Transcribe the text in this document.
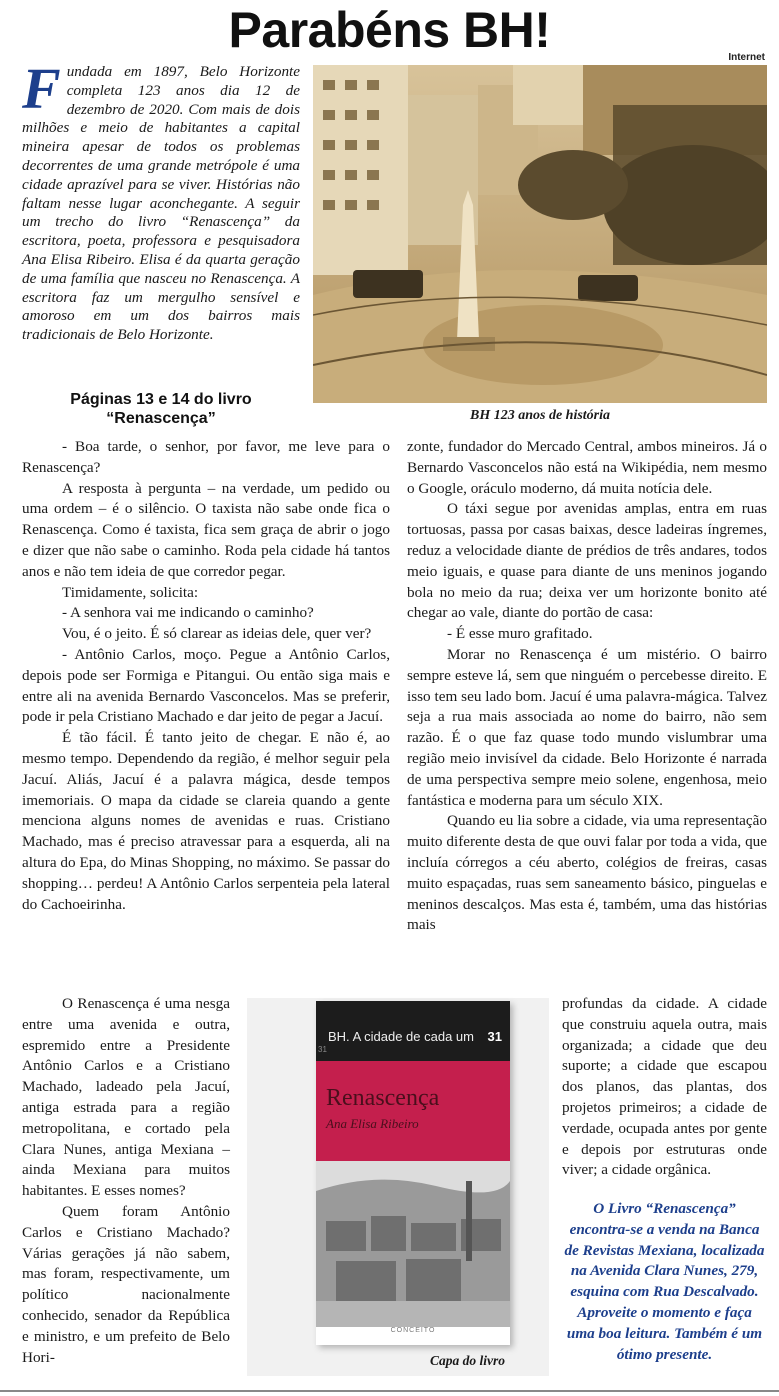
Parabéns BH!	Internet
BH 123 anos de história
Fundada em 1897, Belo Horizonte completa 123 anos dia 12 de dezembro de 2020. Com mais de dois milhões e meio de habitantes a capital mineira apesar de todos os problemas decorrentes de uma grande metrópole é uma cidade aprazível para se viver. Histórias não faltam nesse lugar aconchegante. A seguir um trecho do livro “Renascença” da escritora, poeta, professora e pesquisadora Ana Elisa Ribeiro. Elisa é da quarta geração de uma família que nasceu no Renascença. A escritora faz um mergulho sensível e amoroso em um dos bairros mais tradicionais de Belo Horizonte.
Páginas 13 e 14 do livro
“Renascença”

- Boa tarde, o senhor, por favor, me leve para o Renascença?

A resposta à pergunta – na verdade, um pedido ou uma ordem – é o silêncio. O taxista não sabe onde fica o Renascença. Como é taxista, fica sem graça de abrir o jogo e dizer que não sabe o caminho. Roda pela cidade há tantos anos e não tem ideia de que corredor pegar.

Timidamente, solicita:

- A senhora vai me indicando o caminho?

Vou, é o jeito. É só clarear as ideias dele, quer ver?

- Antônio Carlos, moço. Pegue a Antônio Carlos, depois pode ser Formiga e Pitangui. Ou então siga mais e entre ali na avenida Bernardo Vasconcelos. Mas se preferir, pode ir pela Cristiano Machado e dar jeito de pegar a Jacuí.

É tão fácil. É tanto jeito de chegar. E não é, ao mesmo tempo. Dependendo da região, é melhor seguir pela Jacuí. Aliás, Jacuí é a palavra mágica, desde tempos imemoriais. O mapa da cidade se clareia quando a gente menciona alguns nomes de avenidas e ruas. Cristiano Machado, mas é preciso atravessar para a esquerda, ali na altura do Epa, do Minas Shopping, no máximo. Se passar do shopping… perdeu! A Antônio Carlos serpenteia pela lateral do Cachoeirinha.

O Renascença é uma nesga entre uma avenida e outra, espremido entre a Presidente Antônio Carlos e a Cristiano Machado, ladeado pela Jacuí, antiga estrada para a região metropolitana, e cortado pela Clara Nunes, antiga Mexiana – ainda Mexiana para muitos habitantes. E esses nomes?

Quem foram Antônio Carlos e Cristiano Machado? Várias gerações já não sabem, mas foram, respectivamente, um político nacionalmente conhecido, senador da República e ministro, e um prefeito de Belo Hori-

zonte, fundador do Mercado Central, ambos mineiros. Já o Bernardo Vasconcelos não está na Wikipédia, nem mesmo o Google, oráculo moderno, dá muita notícia dele.

O táxi segue por avenidas amplas, entra em ruas tortuosas, passa por casas baixas, desce ladeiras íngremes, reduz a velocidade diante de prédios de três andares, todos meio iguais, e quase para diante de uns meninos jogando bola no meio da rua; deixa ver um horizonte bonito até chegar ao vale, diante do portão de casa:

- É esse muro grafitado.

Morar no Renascença é um mistério. O bairro sempre esteve lá, sem que ninguém o percebesse direito. E isso tem seu lado bom. Jacuí é uma palavra-mágica. Talvez seja a rua mais associada ao nome do bairro, não sem razão. É o que faz quase todo mundo vislumbrar uma região meio invisível da cidade. Belo Horizonte é narrada de uma perspectiva sempre meio solene, engenhosa, meio fantástica e moderna para um século XIX.

Quando eu lia sobre a cidade, via uma representação muito diferente desta de que ouvi falar por toda a vida, que incluía córregos a céu aberto, colégios de freiras, casas muito espaçadas, ruas sem saneamento básico, pinguelas e meninos descalços. Mas esta é, também, uma das histórias mais

profundas da cidade. A cidade que construiu aquela outra, mais organizada; a cidade que deu suporte; a cidade que escapou dos planos, das plantas, dos projetos primeiros; a cidade de verdade, ocupada antes por gente e depois por estruturas onde viver; a cidade orgânica.

O Livro “Renascença” encontra-se a venda na Banca de Revistas Mexiana, localizada na Avenida Clara Nunes, 279, esquina com Rua Descalvado. Aproveite o momento e faça uma boa leitura. Também é um ótimo presente.
31
BH. A cidade de cada um 31
Renascença
Ana Elisa Ribeiro
CONCEITO
Capa do livro
